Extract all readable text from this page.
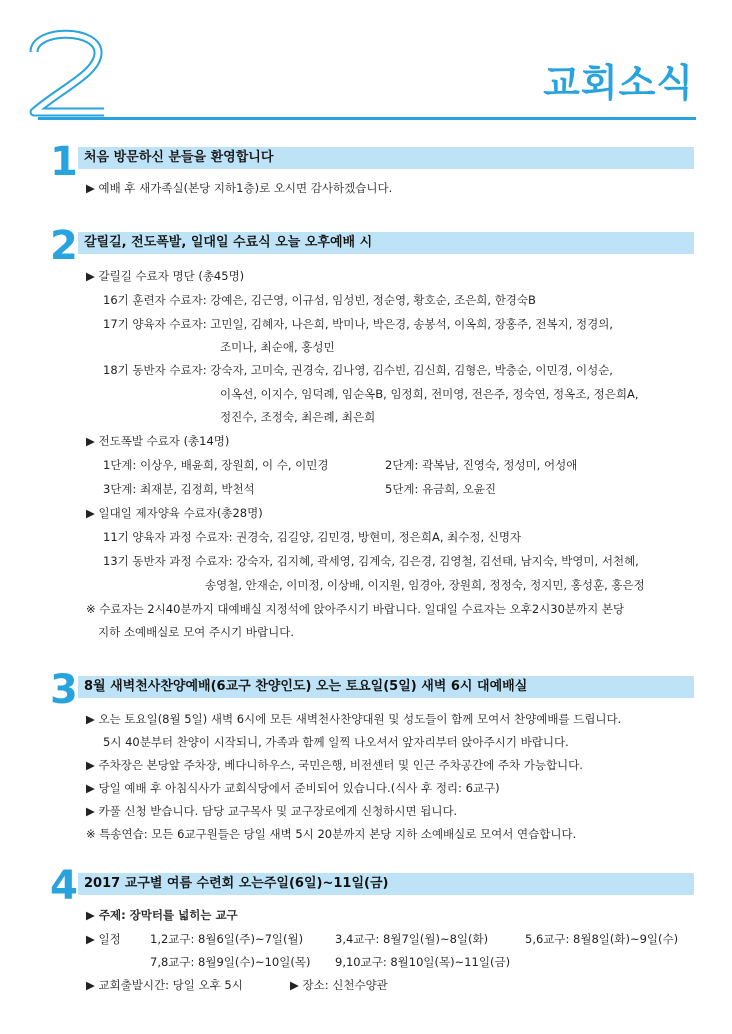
교회소식
1 처음 방문하신 분들을 환영합니다
▶ 예배 후 새가족실(본당 지하1층)로 오시면 감사하겠습니다.
2 갈릴길, 전도폭발, 일대일 수료식 오늘 오후예배 시
▶ 갈릴길 수료자 명단 (총45명)
16기 훈련자 수료자: 강예은, 김근영, 이규섬, 임성빈, 정순영, 황호순, 조은희, 한경숙B
17기 양육자 수료자: 고민일, 김혜자, 나은희, 박미나, 박은경, 송봉석, 이옥희, 장홍주, 전복지, 정경의,
조미나, 최순애, 홍성민
18기 동반자 수료자: 강숙자, 고미숙, 권경숙, 김나영, 김수빈, 김신희, 김형은, 박층순, 이민경, 이성순,
이옥선, 이지수, 임덕례, 임순옥B, 임정희, 전미영, 전은주, 정숙연, 정옥조, 정은희A,
정진수, 조정숙, 최은례, 최은희
▶ 전도폭발 수료자 (총14명)
1단계: 이상우, 배윤희, 장원희, 이 수, 이민경	2단계: 곽복남, 진영숙, 정성미, 어성애
3단계: 최재분, 김정희, 박천석	5단계: 유금희, 오윤진
▶ 일대일 제자양육 수료자(총28명)
11기 양육자 과정 수료자: 권경숙, 김길양, 김민경, 방현미, 정은희A, 최수정, 신명자
13기 동반자 과정 수료자: 강숙자, 김지혜, 곽세영, 김계숙, 김은경, 김영철, 김선태, 남지숙, 박영미, 서천혜,
송영철, 안재순, 이미정, 이상배, 이지원, 임경아, 장원희, 정정숙, 정지민, 홍성훈, 홍은정
※ 수료자는 2시40분까지 대예배실 지정석에 앉아주시기 바랍니다. 일대일 수료자는 오후2시30분까지 본당
지하 소예배실로 모여 주시기 바랍니다.
3 8월 새벽천사찬양예배(6교구 찬양인도) 오는 토요일(5일) 새벽 6시 대예배실
▶ 오는 토요일(8월 5일) 새벽 6시에 모든 새벽천사찬양대원 및 성도들이 함께 모여서 찬양예배를 드립니다.
5시 40분부터 찬양이 시작되니, 가족과 함께 일찍 나오셔서 앞자리부터 앉아주시기 바랍니다.
▶ 주차장은 본당앞 주차장, 베다니하우스, 국민은행, 비전센터 및 인근 주차공간에 주차 가능합니다.
▶ 당일 예배 후 아침식사가 교회식당에서 준비되어 있습니다.(식사 후 정리: 6교구)
▶ 카풀 신청 받습니다. 담당 교구목사 및 교구장로에게 신청하시면 됩니다.
※ 특송연습: 모든 6교구원들은 당일 새벽 5시 20분까지 본당 지하 소예배실로 모여서 연습합니다.
4 2017 교구별 여름 수련회 오는주일(6일)~11일(금)
▶ 주제: 장막터를 넓히는 교구
▶ 일정	1,2교구: 8월6일(주)~7일(월)	3,4교구: 8월7일(월)~8일(화)	5,6교구: 8월8일(화)~9일(수)
7,8교구: 8월9일(수)~10일(목) 9,10교구: 8월10일(목)~11일(금)
▶ 교회출발시간: 당일 오후 5시	▶ 장소: 신천수양관
